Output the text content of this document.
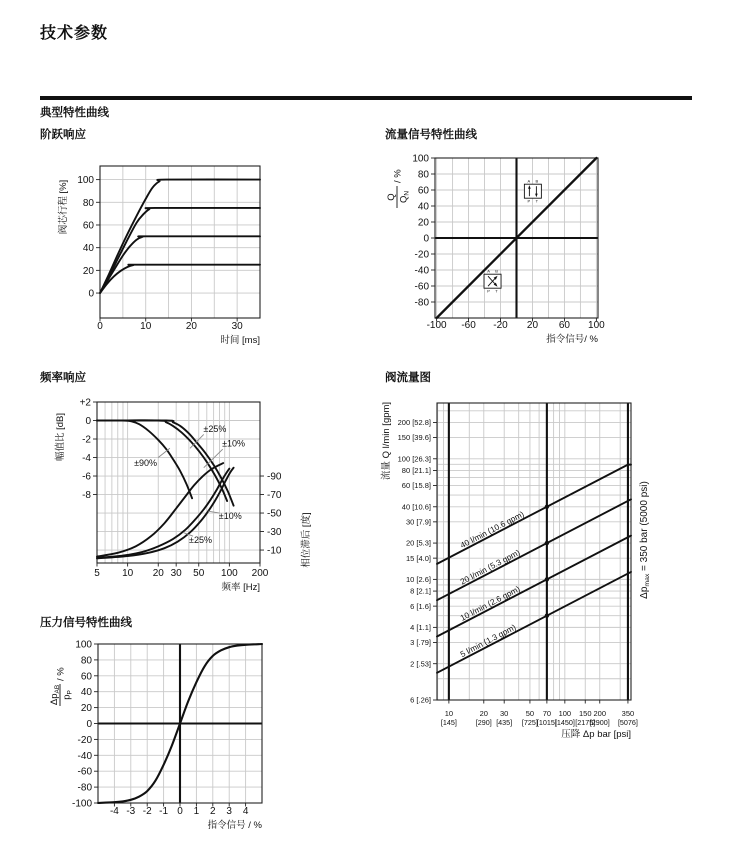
技术参数
典型特性曲线
阶跃响应
0	10	20	30
0
20
40
60
80
100
时间 [ms]
阀芯行程 [%]
流量信号特性曲线
A B
P T
A B
P T
-100 -60 -20 20 60 100
100
80
60
40
20
0
-20
-40
-60
-80
指令信号/ %
Q $Q_N$
/ %
频率响应
5 10 20 30 50 100 200
+2
0
-2
-4
-6
-8
-90
-70
-50
-30
-10
±25%
±10%
±90%
±10%
±25%
频率 [Hz]
幅值比 [dB]
相位滞后 [度]
压力信号特性曲线
-4 -3 -2 -1 0 1 2 3 4
100
80
60
40
20
0
-20
-40
-60
-80
-100
指令信号 / %
$\Delta p_{AB}$
$p_P$
/ %
阀流量图
10
[145]
20
[290]
30
[435]
50
[725]
70
[1015]
100
[1450]
150
[2175]
200
[2900]
350
[5076]
200 [52.8]
150 [39.6]
100 [26.3]
80 [21.1]
60 [15.8]
40 [10.6]
30 [7.9]
20 [5.3]
15 [4.0]
10 [2.6]
8 [2.1]
6 [1.6]
4 [1.1]
3 [.79]
2 [.53]
6 [.26]
40 l/min (10.6 gpm)
20 l/min (5.3 gpm)
10 l/min (2.6 gpm)
5 l/min (1.3 gpm)
压降 Δp bar [psi]
流量 Q l/min [gpm]
$\Delta p_{max} = 350$ bar (5000 psi)
